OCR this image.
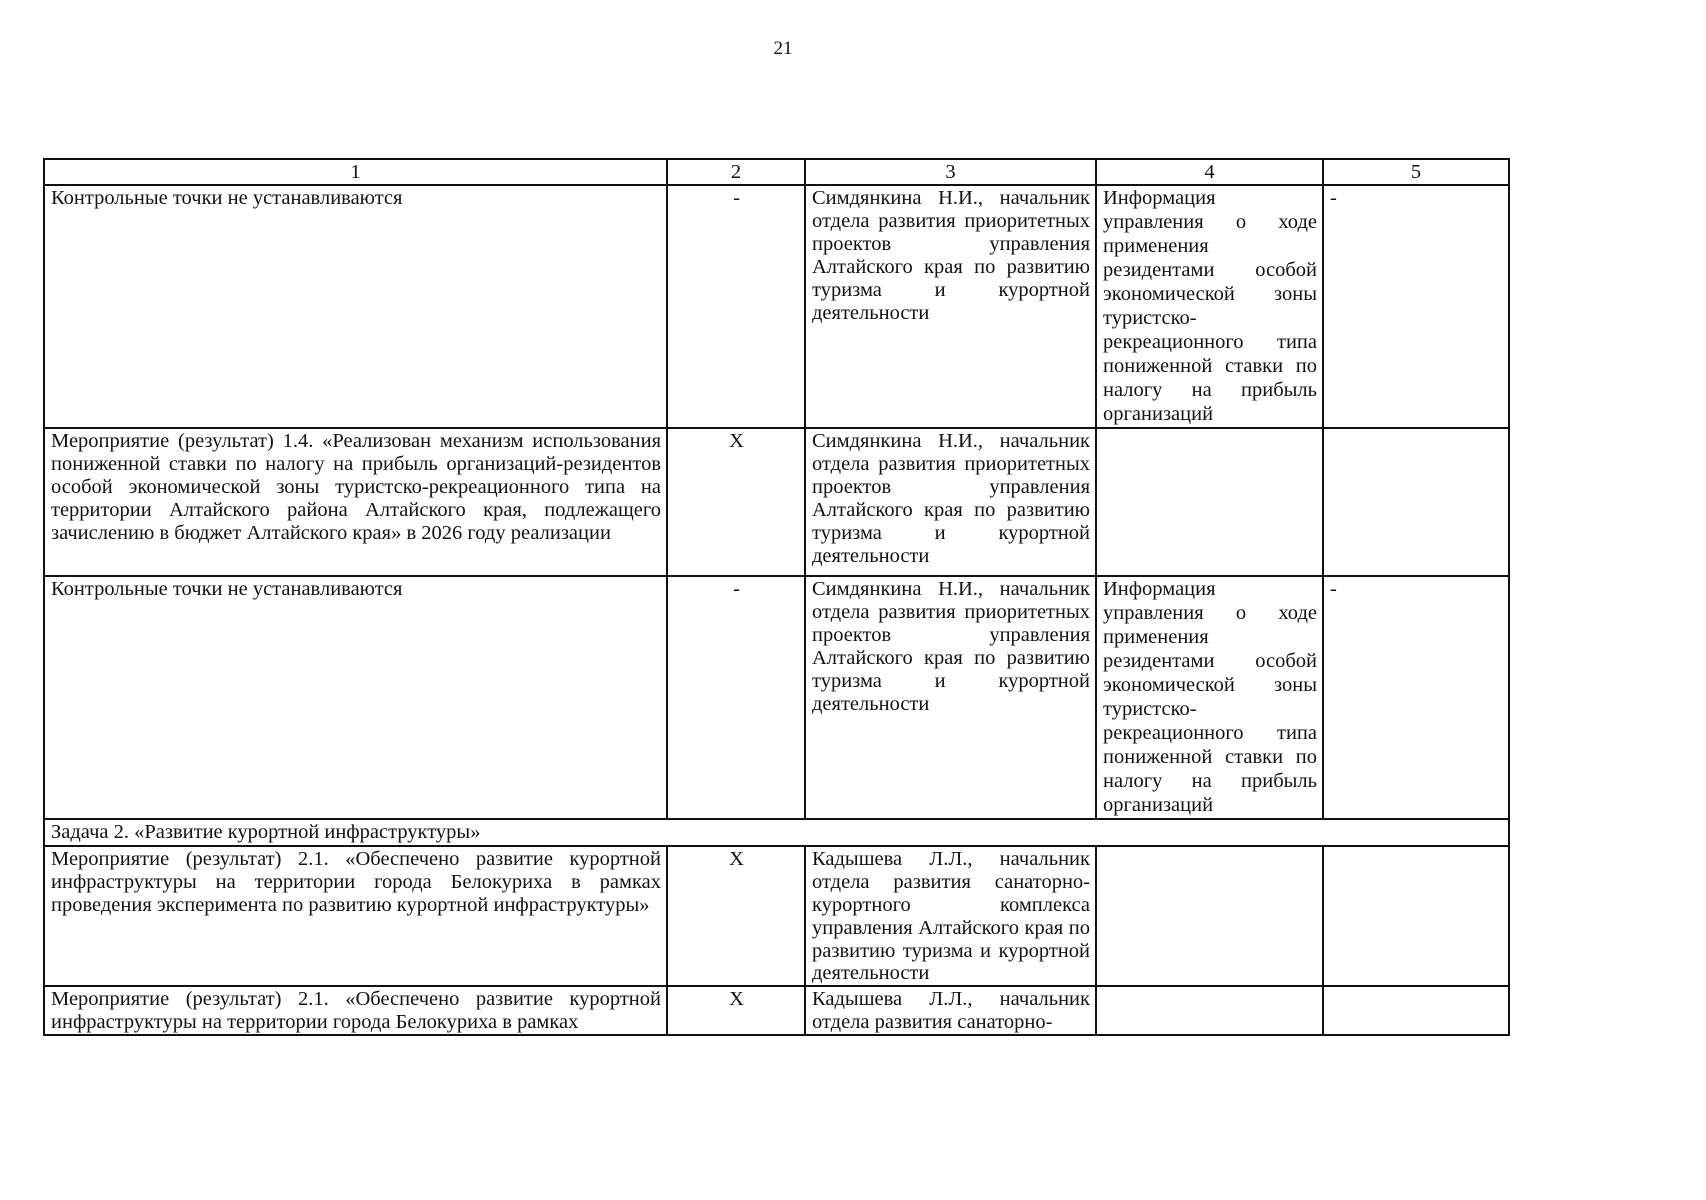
21
1	2	3	4	5
Контрольные точки не устанавливаются	-	Симдянкина Н.И., начальник отдела развития приоритетных проектов управления Алтайского края по развитию туризма и курортной деятельности	Информация управления о ходе применения резидентами особой экономической зоны туристско-рекреационного типа пониженной ставки по налогу на прибыль организаций	-
Мероприятие (результат) 1.4. «Реализован механизм использования пониженной ставки по налогу на прибыль организаций-резидентов особой экономической зоны туристско-рекреационного типа на территории Алтайского района Алтайского края, подлежащего зачислению в бюджет Алтайского края» в 2026 году реализации	X	Симдянкина Н.И., начальник отдела развития приоритетных проектов управления Алтайского края по развитию туризма и курортной деятельности		
Контрольные точки не устанавливаются	-	Симдянкина Н.И., начальник отдела развития приоритетных проектов управления Алтайского края по развитию туризма и курортной деятельности	Информация управления о ходе применения резидентами особой экономической зоны туристско-рекреационного типа пониженной ставки по налогу на прибыль организаций	-
Задача 2. «Развитие курортной инфраструктуры»				
Мероприятие (результат) 2.1. «Обеспечено развитие курортной инфраструктуры на территории города Белокуриха в рамках проведения эксперимента по развитию курортной инфраструктуры»	X	Кадышева Л.Л., начальник отдела развития санаторно-курортного комплекса управления Алтайского края по развитию туризма и курортной деятельности		
Мероприятие (результат) 2.1. «Обеспечено развитие курортной инфраструктуры на территории города Белокуриха в рамках	X	Кадышева Л.Л., начальник отдела развития санаторно-		
